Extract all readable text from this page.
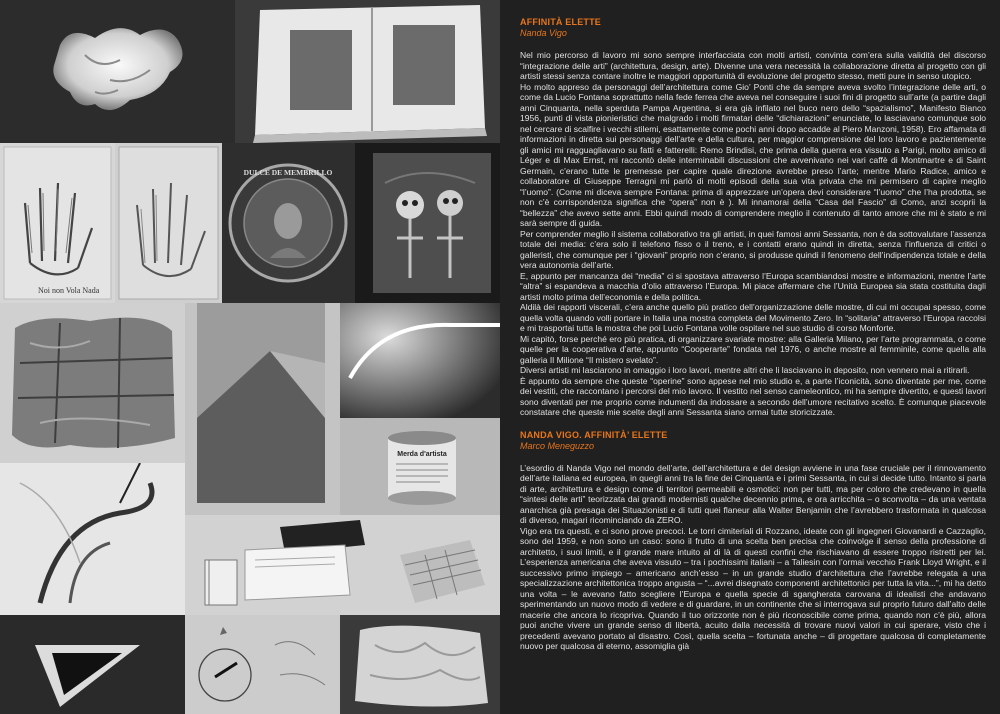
Noi non Vola Nada
DULCE DE MEMBRILLO
Merda d'artista
AFFINITÀ ELETTE
Nanda Vigo

Nel mio percorso di lavoro mi sono sempre interfacciata con molti artisti, convinta com’era sulla validità del discorso “integrazione delle arti” (architettura, design, arte). Divenne una vera necessità la collaborazione diretta al progetto con gli artisti stessi senza contare inoltre le maggiori opportunità di evoluzione del progetto stesso, metti pure in senso utopico.

Ho molto appreso da personaggi dell’architettura come Gio’ Ponti che da sempre aveva svolto l’integrazione delle arti, o come da Lucio Fontana soprattutto nella fede ferrea che aveva nel conseguire i suoi fini di progetto sull’arte (a partire dagli anni Cinquanta, nella sperduta Pampa Argentina, si era già infilato nel buco nero dello “spazialismo”, Manifesto Bianco 1956, punti di vista pionieristici che malgrado i molti firmatari delle “dichiarazioni” enunciate, lo lasciavano comunque solo nel cercare di scalfire i vecchi stilemi, esattamente come pochi anni dopo accadde al Piero Manzoni, 1958). Ero affamata di informazioni in diretta sui personaggi dell’arte e della cultura, per maggior comprensione del loro lavoro e pazientemente gli amici mi ragguagliavano su fatti e fatterelli: Remo Brindisi, che prima della guerra era vissuto a Parigi, molto amico di Léger e di Max Ernst, mi raccontò delle interminabili discussioni che avvenivano nei vari caffè di Montmartre e di Saint Germain, c’erano tutte le premesse per capire quale direzione avrebbe preso l’arte; mentre Mario Radice, amico e collaboratore di Giuseppe Terragni mi parlò di molti episodi della sua vita privata che mi permisero di capire meglio “l’uomo”. (Come mi diceva sempre Fontana: prima di apprezzare un’opera devi considerare “l’uomo” che l’ha prodotta, se non c’è corrispondenza significa che “opera” non è ). Mi innamorai della “Casa del Fascio” di Como, anzi scoprii la “bellezza” che avevo sette anni. Ebbi quindi modo di comprendere meglio il contenuto di tanto amore che mi è stato e mi sarà sempre di guida.

Per comprender meglio il sistema collaborativo tra gli artisti, in quei famosi anni Sessanta, non è da sottovalutare l’assenza totale dei media: c’era solo il telefono fisso o il treno, e i contatti erano quindi in diretta, senza l’influenza di critici o galleristi, che comunque per i “giovani” proprio non c’erano, si produsse quindi il fenomeno dell’indipendenza totale e della vera autonomia dell’arte.

E, appunto per mancanza dei “media” ci si spostava attraverso l’Europa scambiandosi mostre e informazioni, mentre l’arte “altra” si espandeva a macchia d’olio attraverso l’Europa. Mi piace affermare che l’Unità Europea sia stata costituita dagli artisti molto prima dell’economia e della politica.

Aldilà dei rapporti viscerali, c’era anche quello più pratico dell’organizzazione delle mostre, di cui mi occupai spesso, come quella volta quando volli portare in Italia una mostra completa del Movimento Zero. In “solitaria” attraverso l’Europa raccolsi e mi trasportai tutta la mostra che poi Lucio Fontana volle ospitare nel suo studio di corso Monforte.

Mi capitò, forse perché ero più pratica, di organizzare svariate mostre: alla Galleria Milano, per l’arte programmata, o come quelle per la cooperativa d’arte, appunto “Cooperarte” fondata nel 1976, o anche mostre al femminile, come quella alla galleria Il Milione “Il mistero svelato”.

Diversi artisti mi lasciarono in omaggio i loro lavori, mentre altri che li lasciavano in deposito, non vennero mai a ritirarli.

È appunto da sempre che queste “operine” sono appese nel mio studio e, a parte l’iconicità, sono diventate per me, come dei vestiti, che raccontano i percorsi del mio lavoro. Il vestito nel senso cameleontico, mi ha sempre divertito, e questi lavori sono diventati per me proprio come indumenti da indossare a secondo dell’umore recitativo scelto. È comunque piacevole constatare che queste mie scelte degli anni Sessanta siano ormai tutte storicizzate.

NANDA VIGO. AFFINITÀ’ ELETTE
Marco Meneguzzo

L’esordio di Nanda Vigo nel mondo dell’arte, dell’architettura e del design avviene in una fase cruciale per il rinnovamento dell’arte italiana ed europea, in quegli anni tra la fine dei Cinquanta e i primi Sessanta, in cui si decide tutto. Intanto si parla di arte, architettura e design come di territori permeabili e osmotici: non per tutti, ma per coloro che credevano in quella “sintesi delle arti” teorizzata dai grandi modernisti qualche decennio prima, e ora arricchita – o sconvolta – da una ventata anarchica già presaga dei Situazionisti e di tutti quei flaneur alla Walter Benjamin che l’avrebbero trasformata in qualcosa di diverso, magari ricominciando da ZERO.

Vigo era tra questi, e ci sono prove precoci. Le torri cimiteriali di Rozzano, ideate con gli ingegneri Giovanardi e Cazzaglio, sono del 1959, e non sono un caso: sono il frutto di una scelta ben precisa che coinvolge il senso della professione di architetto, i suoi limiti, e il grande mare intuito al di là di questi confini che rischiavano di essere troppo ristretti per lei. L’esperienza americana che aveva vissuto – tra i pochissimi italiani – a Taliesin con l’ormai vecchio Frank Lloyd Wright, e il successivo primo impiego – americano anch’esso – in un grande studio d’architettura che l’avrebbe relegata a una specializzazione architettonica troppo angusta – “...avrei disegnato componenti architettonici per tutta la vita...”, mi ha detto una volta – le avevano fatto scegliere l’Europa e quella specie di sgangherata carovana di idealisti che andavano sperimentando un nuovo modo di vedere e di guardare, in un continente che si interrogava sul proprio futuro dall’alto delle macerie che ancora lo ricopriva. Quando il tuo orizzonte non è più riconoscibile come prima, quando non c’è più, allora puoi anche vivere un grande senso di libertà, acuito dalla necessità di trovare nuovi valori in cui sperare, visto che i precedenti avevano portato al disastro. Così, quella scelta – fortunata anche – di progettare qualcosa di completamente nuovo per qualcosa di eterno, assomiglia già
